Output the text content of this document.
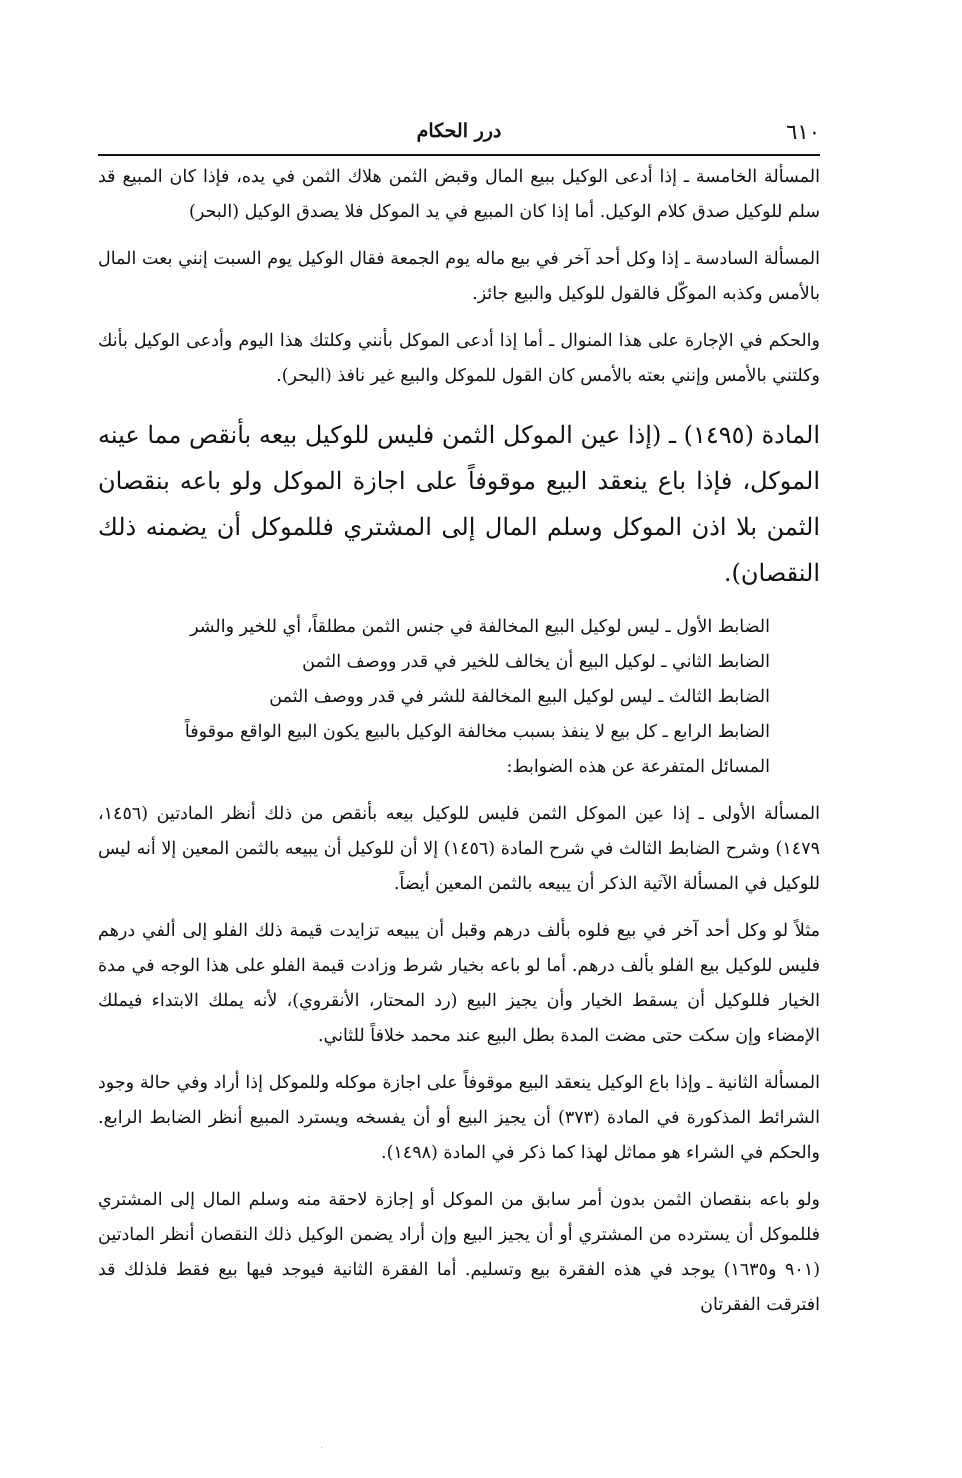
٦١٠
درر الحكام

المسألة الخامسة ـ إذا أدعى الوكيل ببيع المال وقبض الثمن هلاك الثمن في يده، فإذا كان المبيع قد سلم للوكيل صدق كلام الوكيل. أما إذا كان المبيع في يد الموكل فلا يصدق الوكيل (البحر)

المسألة السادسة ـ إذا وكل أحد آخر في بيع ماله يوم الجمعة فقال الوكيل يوم السبت إنني بعت المال بالأمس وكذبه الموكّل فالقول للوكيل والبيع جائز.

والحكم في الإجارة على هذا المنوال ـ أما إذا أدعى الموكل بأنني وكلتك هذا اليوم وأدعى الوكيل بأنك وكلتني بالأمس وإنني بعته بالأمس كان القول للموكل والبيع غير نافذ (البحر).

المادة (١٤٩٥) ـ (إذا عين الموكل الثمن فليس للوكيل بيعه بأنقص مما عينه الموكل، فإذا باع ينعقد البيع موقوفاً على اجازة الموكل ولو باعه بنقصان الثمن بلا اذن الموكل وسلم المال إلى المشتري فللموكل أن يضمنه ذلك النقصان).

الضابط الأول ـ ليس لوكيل البيع المخالفة في جنس الثمن مطلقاً، أي للخير والشر

الضابط الثاني ـ لوكيل البيع أن يخالف للخير في قدر ووصف الثمن

الضابط الثالث ـ ليس لوكيل البيع المخالفة للشر في قدر ووصف الثمن

الضابط الرابع ـ كل بيع لا ينفذ بسبب مخالفة الوكيل بالبيع يكون البيع الواقع موقوفاً

المسائل المتفرعة عن هذه الضوابط:

المسألة الأولى ـ إذا عين الموكل الثمن فليس للوكيل بيعه بأنقص من ذلك أنظر المادتين (١٤٥٦، ١٤٧٩) وشرح الضابط الثالث في شرح المادة (١٤٥٦) إلا أن للوكيل أن يبيعه بالثمن المعين إلا أنه ليس للوكيل في المسألة الآتية الذكر أن يبيعه بالثمن المعين أيضاً.

مثلاً لو وكل أحد آخر في بيع فلوه بألف درهم وقبل أن يبيعه تزايدت قيمة ذلك الفلو إلى ألفي درهم فليس للوكيل بيع الفلو بألف درهم. أما لو باعه بخيار شرط وزادت قيمة الفلو على هذا الوجه في مدة الخيار فللوكيل أن يسقط الخيار وأن يجيز البيع (رد المحتار، الأنقروي)، لأنه يملك الابتداء فيملك الإمضاء وإن سكت حتى مضت المدة بطل البيع عند محمد خلافاً للثاني.

المسألة الثانية ـ وإذا باع الوكيل ينعقد البيع موقوفاً على اجازة موكله وللموكل إذا أراد وفي حالة وجود الشرائط المذكورة في المادة (٣٧٣) أن يجيز البيع أو أن يفسخه ويسترد المبيع أنظر الضابط الرابع. والحكم في الشراء هو مماثل لهذا كما ذكر في المادة (١٤٩٨).

ولو باعه بنقصان الثمن بدون أمر سابق من الموكل أو إجازة لاحقة منه وسلم المال إلى المشتري فللموكل أن يسترده من المشتري أو أن يجيز البيع وإن أراد يضمن الوكيل ذلك النقصان أنظر المادتين (٩٠١ و١٦٣٥) يوجد في هذه الفقرة بيع وتسليم. أما الفقرة الثانية فيوجد فيها بيع فقط فلذلك قد افترقت الفقرتان

.
